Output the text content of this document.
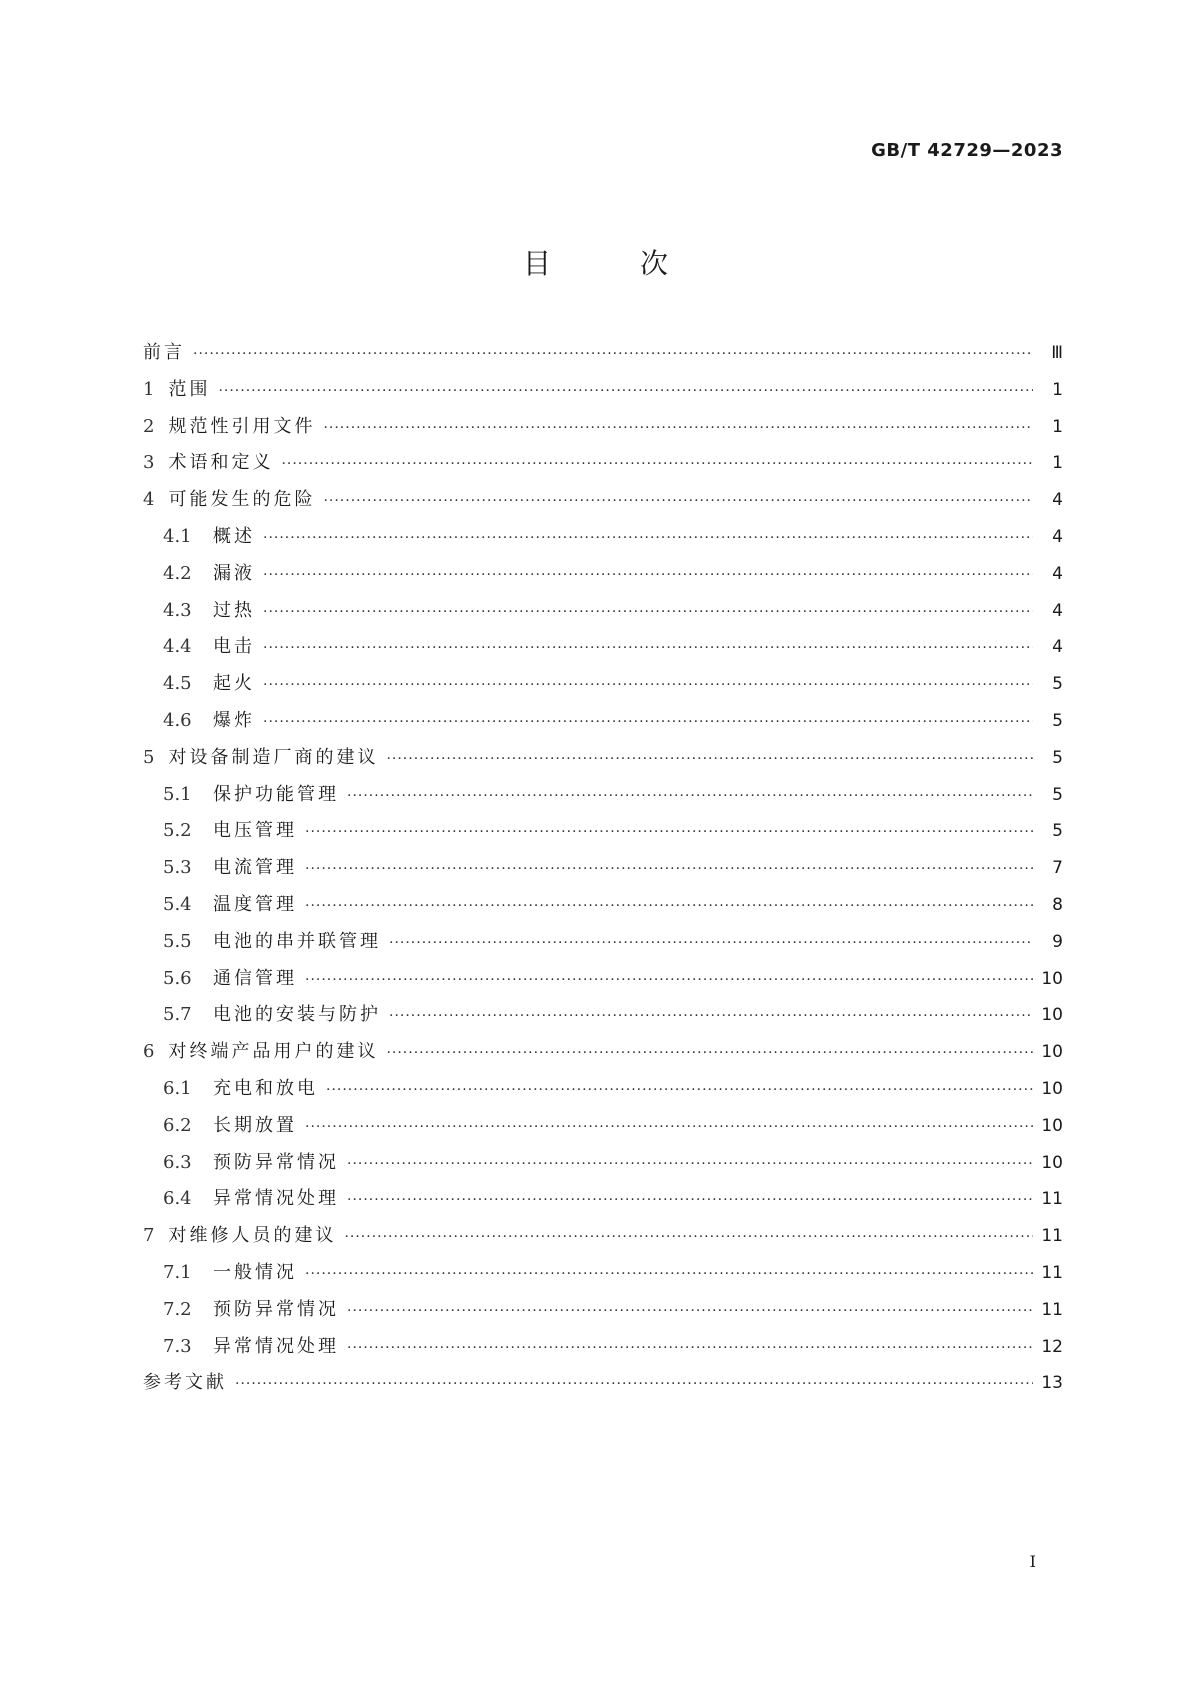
GB/T 42729—2023
目	次
前言 ·····	Ⅲ
1 范围 ·····	1
2 规范性引用文件 ·····	1
3 术语和定义 ·····	1
4 可能发生的危险 ·····	4
4.1	概述 ·····	4
4.2	漏液 ·····	4
4.3	过热 ·····	4
4.4	电击 ·····	4
4.5	起火 ·····	5
4.6	爆炸 ·····	5
5 对设备制造厂商的建议 ·····	5
5.1	保护功能管理 ·····	5
5.2	电压管理 ·····	5
5.3	电流管理 ·····	7
5.4	温度管理 ·····	8
5.5	电池的串并联管理 ·····	9
5.6	通信管理 ·····	10
5.7	电池的安装与防护 ·····	10
6 对终端产品用户的建议 ·····	10
6.1	充电和放电 ·····	10
6.2	长期放置 ·····	10
6.3	预防异常情况 ·····	10
6.4	异常情况处理 ·····	11
7 对维修人员的建议 ·····	11
7.1	一般情况 ·····	11
7.2	预防异常情况 ·····	11
7.3	异常情况处理 ·····	12
参考文献 ·····	13
Ⅰ
